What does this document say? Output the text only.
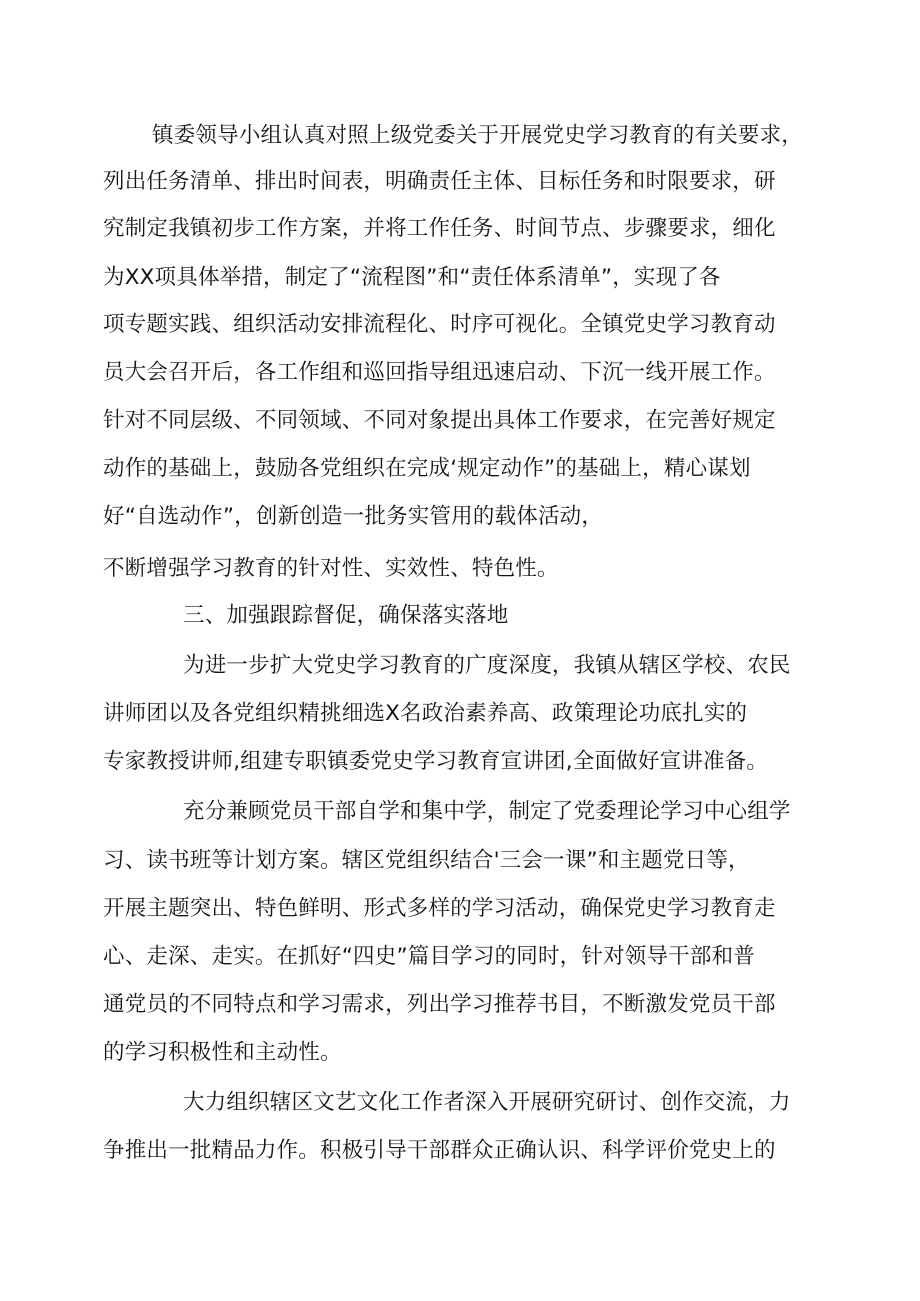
镇委领导小组认真对照上级党委关于开展党史学习教育的有关要求，
列出任务清单、排出时间表，明确责任主体、目标任务和时限要求，研
究制定我镇初步工作方案，并将工作任务、时间节点、步骤要求，细化
为XX项具体举措，制定了“流程图”和“责任体系清单”，实现了各
项专题实践、组织活动安排流程化、时序可视化。全镇党史学习教育动
员大会召开后，各工作组和巡回指导组迅速启动、下沉一线开展工作。
针对不同层级、不同领域、不同对象提出具体工作要求，在完善好规定
动作的基础上，鼓励各党组织在完成‘规定动作”的基础上，精心谋划
好“自选动作”，创新创造一批务实管用的载体活动，
不断增强学习教育的针对性、实效性、特色性。
三、加强跟踪督促，确保落实落地
为进一步扩大党史学习教育的广度深度，我镇从辖区学校、农民
讲师团以及各党组织精挑细选X名政治素养高、政策理论功底扎实的
专家教授讲师,组建专职镇委党史学习教育宣讲团,全面做好宣讲准备。
充分兼顾党员干部自学和集中学，制定了党委理论学习中心组学
习、读书班等计划方案。辖区党组织结合'三会一课”和主题党日等，
开展主题突出、特色鲜明、形式多样的学习活动，确保党史学习教育走
心、走深、走实。在抓好“四史”篇目学习的同时，针对领导干部和普
通党员的不同特点和学习需求，列出学习推荐书目，不断激发党员干部
的学习积极性和主动性。
大力组织辖区文艺文化工作者深入开展研究研讨、创作交流，力
争推出一批精品力作。积极引导干部群众正确认识、科学评价党史上的
